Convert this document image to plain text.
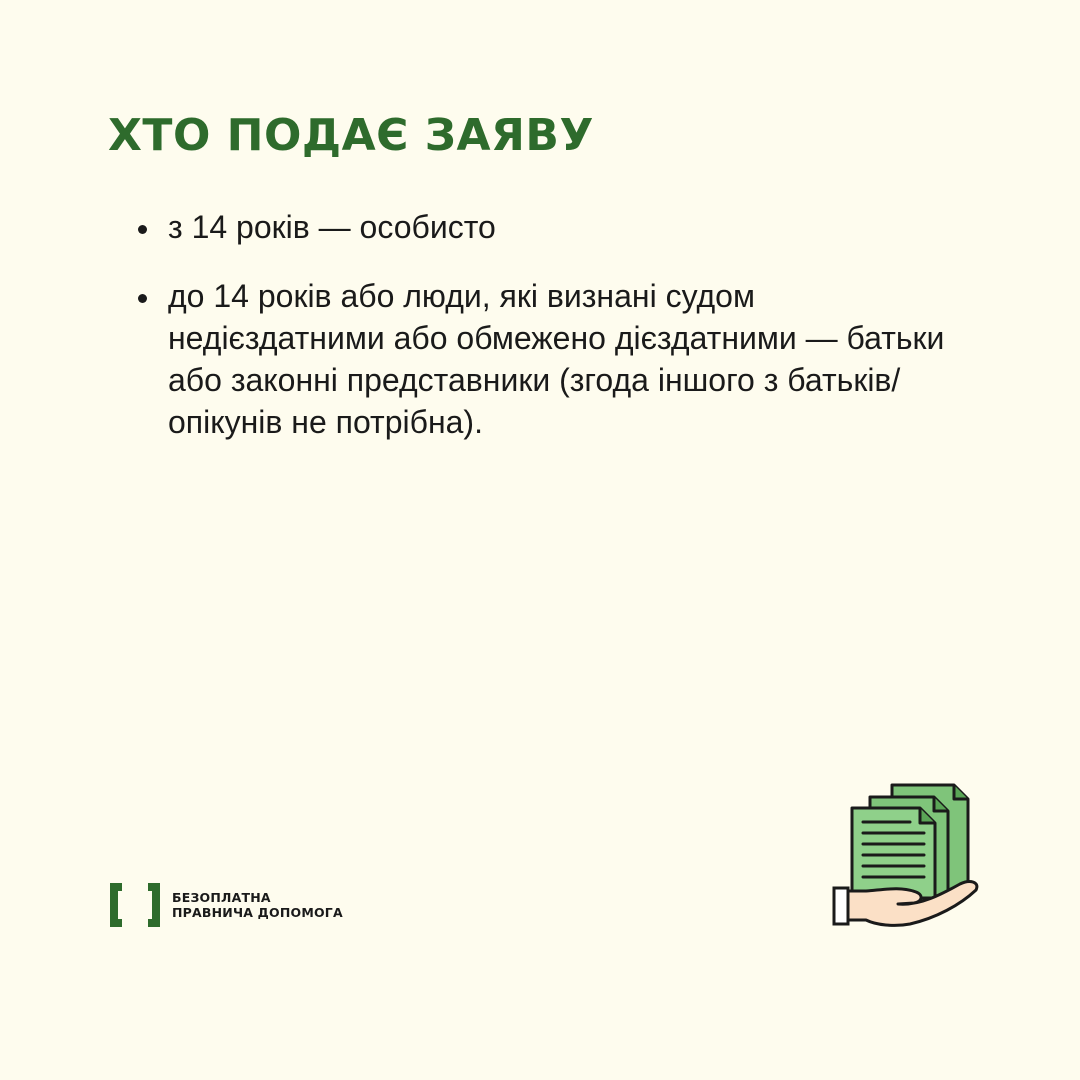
ХТО ПОДАЄ ЗАЯВУ
з 14 років — особисто
до 14 років або люди, які визнані судом недієздатними або обмежено дієздатними — батьки або законні представники (згода іншого з батьків/опікунів не потрібна).
БЕЗОПЛАТНА
ПРАВНИЧА ДОПОМОГА
